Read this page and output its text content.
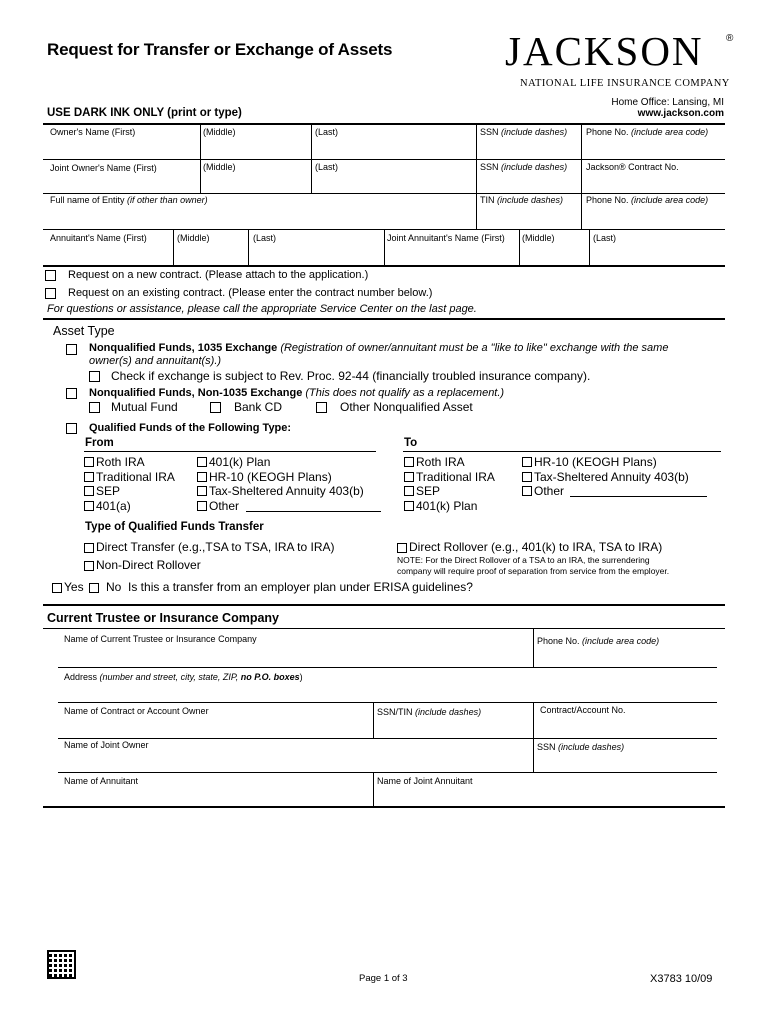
Request for Transfer or Exchange of Assets	JACKSON ®
NATIONAL LIFE INSURANCE COMPANY
Home Office: Lansing, MI
www.jackson.com
USE DARK INK ONLY (print or type)
Owner's Name (First)	(Middle)	(Last)	SSN (include dashes) Phone No. (include area code)
Joint Owner's Name (First)	(Middle)	(Last)	SSN (include dashes) Jackson® Contract No.
Full name of Entity (if other than owner)	TIN (include dashes)	Phone No. (include area code)
Annuitant's Name (First)	(Middle)	(Last)	Joint Annuitant's Name (First) (Middle)	(Last)
Request on a new contract. (Please attach to the application.)
Request on an existing contract. (Please enter the contract number below.)
For questions or assistance, please call the appropriate Service Center on the last page.
Asset Type
Nonqualified Funds, 1035 Exchange (Registration of owner/annuitant must be a "like to like" exchange with the same
owner(s) and annuitant(s).)
Check if exchange is subject to Rev. Proc. 92-44 (financially troubled insurance company).
Nonqualified Funds, Non-1035 Exchange (This does not qualify as a replacement.)
Mutual Fund	Bank CD	Other Nonqualified Asset
Qualified Funds of the Following Type:
From	To
Roth IRA
Traditional IRA
SEP
401(a)
401(k) Plan
HR-10 (KEOGH Plans)
Tax-Sheltered Annuity 403(b)
Other
Roth IRA
Traditional IRA
SEP
401(k) Plan
HR-10 (KEOGH Plans)
Tax-Sheltered Annuity 403(b)
Other
Type of Qualified Funds Transfer
Direct Transfer (e.g.,TSA to TSA, IRA to IRA)
Non-Direct Rollover
Direct Rollover (e.g., 401(k) to IRA, TSA to IRA)
NOTE: For the Direct Rollover of a TSA to an IRA, the surrendering
company will require proof of separation from service from the employer.
Yes No Is this a transfer from an employer plan under ERISA guidelines?
Current Trustee or Insurance Company
Name of Current Trustee or Insurance Company	Phone No. (include area code)
Address (number and street, city, state, ZIP, no P.O. boxes)
Name of Contract or Account Owner	SSN/TIN (include dashes)	Contract/Account No.
Name of Joint Owner	SSN (include dashes)
Name of Annuitant	Name of Joint Annuitant
Page 1 of 3	X3783 10/09
